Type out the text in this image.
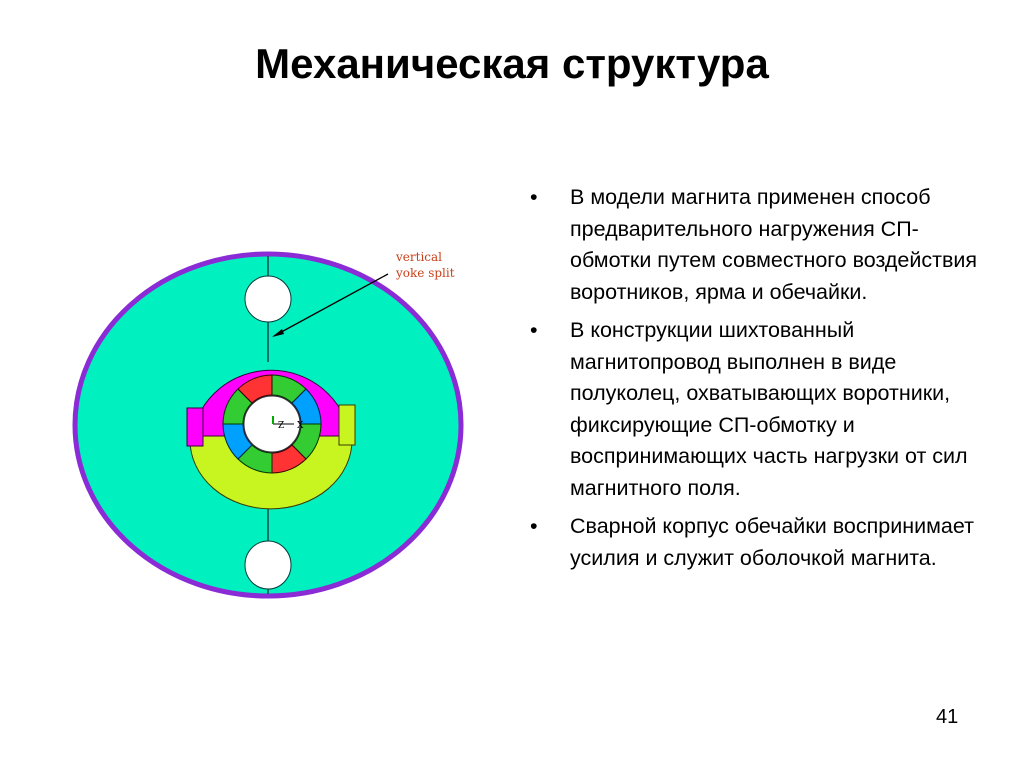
Механическая структура
Z X
vertical
yoke split
• В модели магнита применен способ предварительного нагружения СП-обмотки путем совместного воздействия воротников, ярма и обечайки.
• В конструкции шихтованный магнитопровод выполнен в виде полуколец, охватывающих воротники, фиксирующие СП-обмотку и воспринимающих часть нагрузки от сил магнитного поля.
• Сварной корпус обечайки воспринимает усилия и служит оболочкой магнита.
41
